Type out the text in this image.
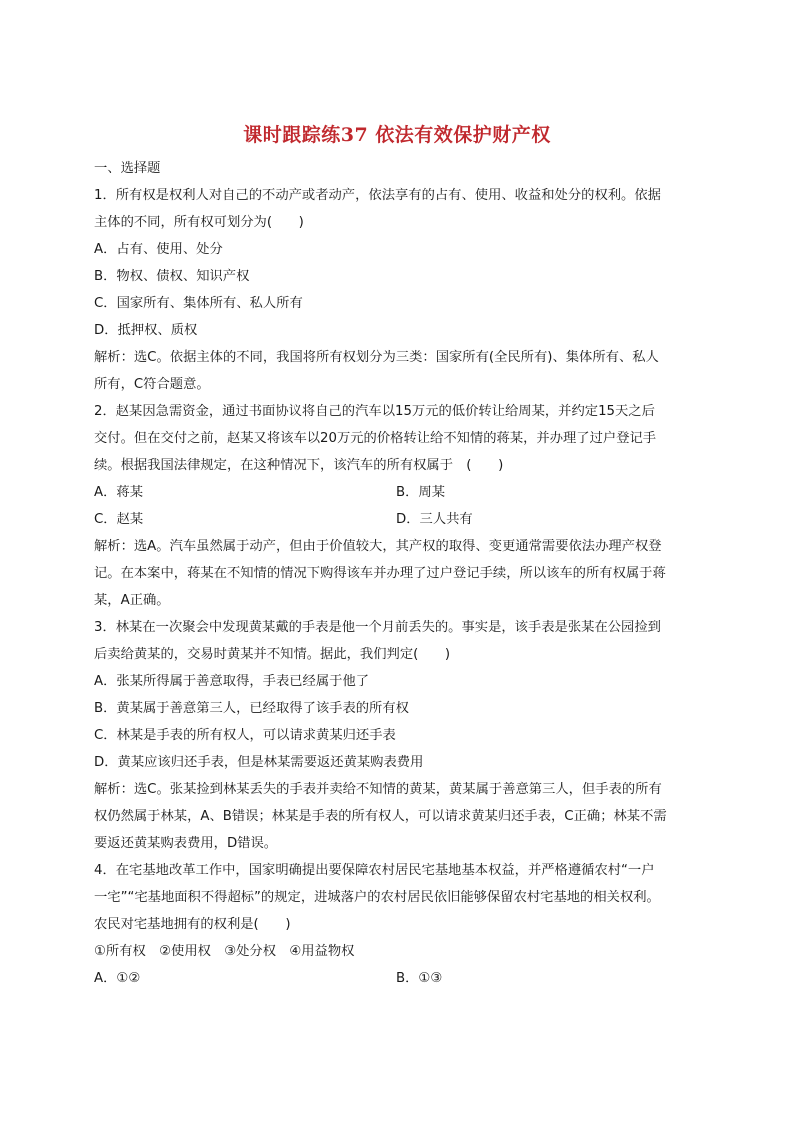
课时跟踪练37 依法有效保护财产权
一、选择题
1．所有权是权利人对自己的不动产或者动产，依法享有的占有、使用、收益和处分的权利。依据
主体的不同，所有权可划分为(　　)
A．占有、使用、处分
B．物权、债权、知识产权
C．国家所有、集体所有、私人所有
D．抵押权、质权
解析：选C。依据主体的不同，我国将所有权划分为三类：国家所有(全民所有)、集体所有、私人
所有，C符合题意。
2．赵某因急需资金，通过书面协议将自己的汽车以15万元的低价转让给周某，并约定15天之后
交付。但在交付之前，赵某又将该车以20万元的价格转让给不知情的蒋某，并办理了过户登记手
续。根据我国法律规定，在这种情况下，该汽车的所有权属于　(　　)
A．蒋某	B．周某
C．赵某	D．三人共有
解析：选A。汽车虽然属于动产，但由于价值较大，其产权的取得、变更通常需要依法办理产权登
记。在本案中，蒋某在不知情的情况下购得该车并办理了过户登记手续，所以该车的所有权属于蒋
某，A正确。
3．林某在一次聚会中发现黄某戴的手表是他一个月前丢失的。事实是，该手表是张某在公园捡到
后卖给黄某的，交易时黄某并不知情。据此，我们判定(　　)
A．张某所得属于善意取得，手表已经属于他了
B．黄某属于善意第三人，已经取得了该手表的所有权
C．林某是手表的所有权人，可以请求黄某归还手表
D．黄某应该归还手表，但是林某需要返还黄某购表费用
解析：选C。张某捡到林某丢失的手表并卖给不知情的黄某，黄某属于善意第三人，但手表的所有
权仍然属于林某，A、B错误；林某是手表的所有权人，可以请求黄某归还手表，C正确；林某不需
要返还黄某购表费用，D错误。
4．在宅基地改革工作中，国家明确提出要保障农村居民宅基地基本权益，并严格遵循农村“一户
一宅”“宅基地面积不得超标”的规定，进城落户的农村居民依旧能够保留农村宅基地的相关权利。
农民对宅基地拥有的权利是(　　)
①所有权　②使用权　③处分权　④用益物权
A．①②	B．①③
